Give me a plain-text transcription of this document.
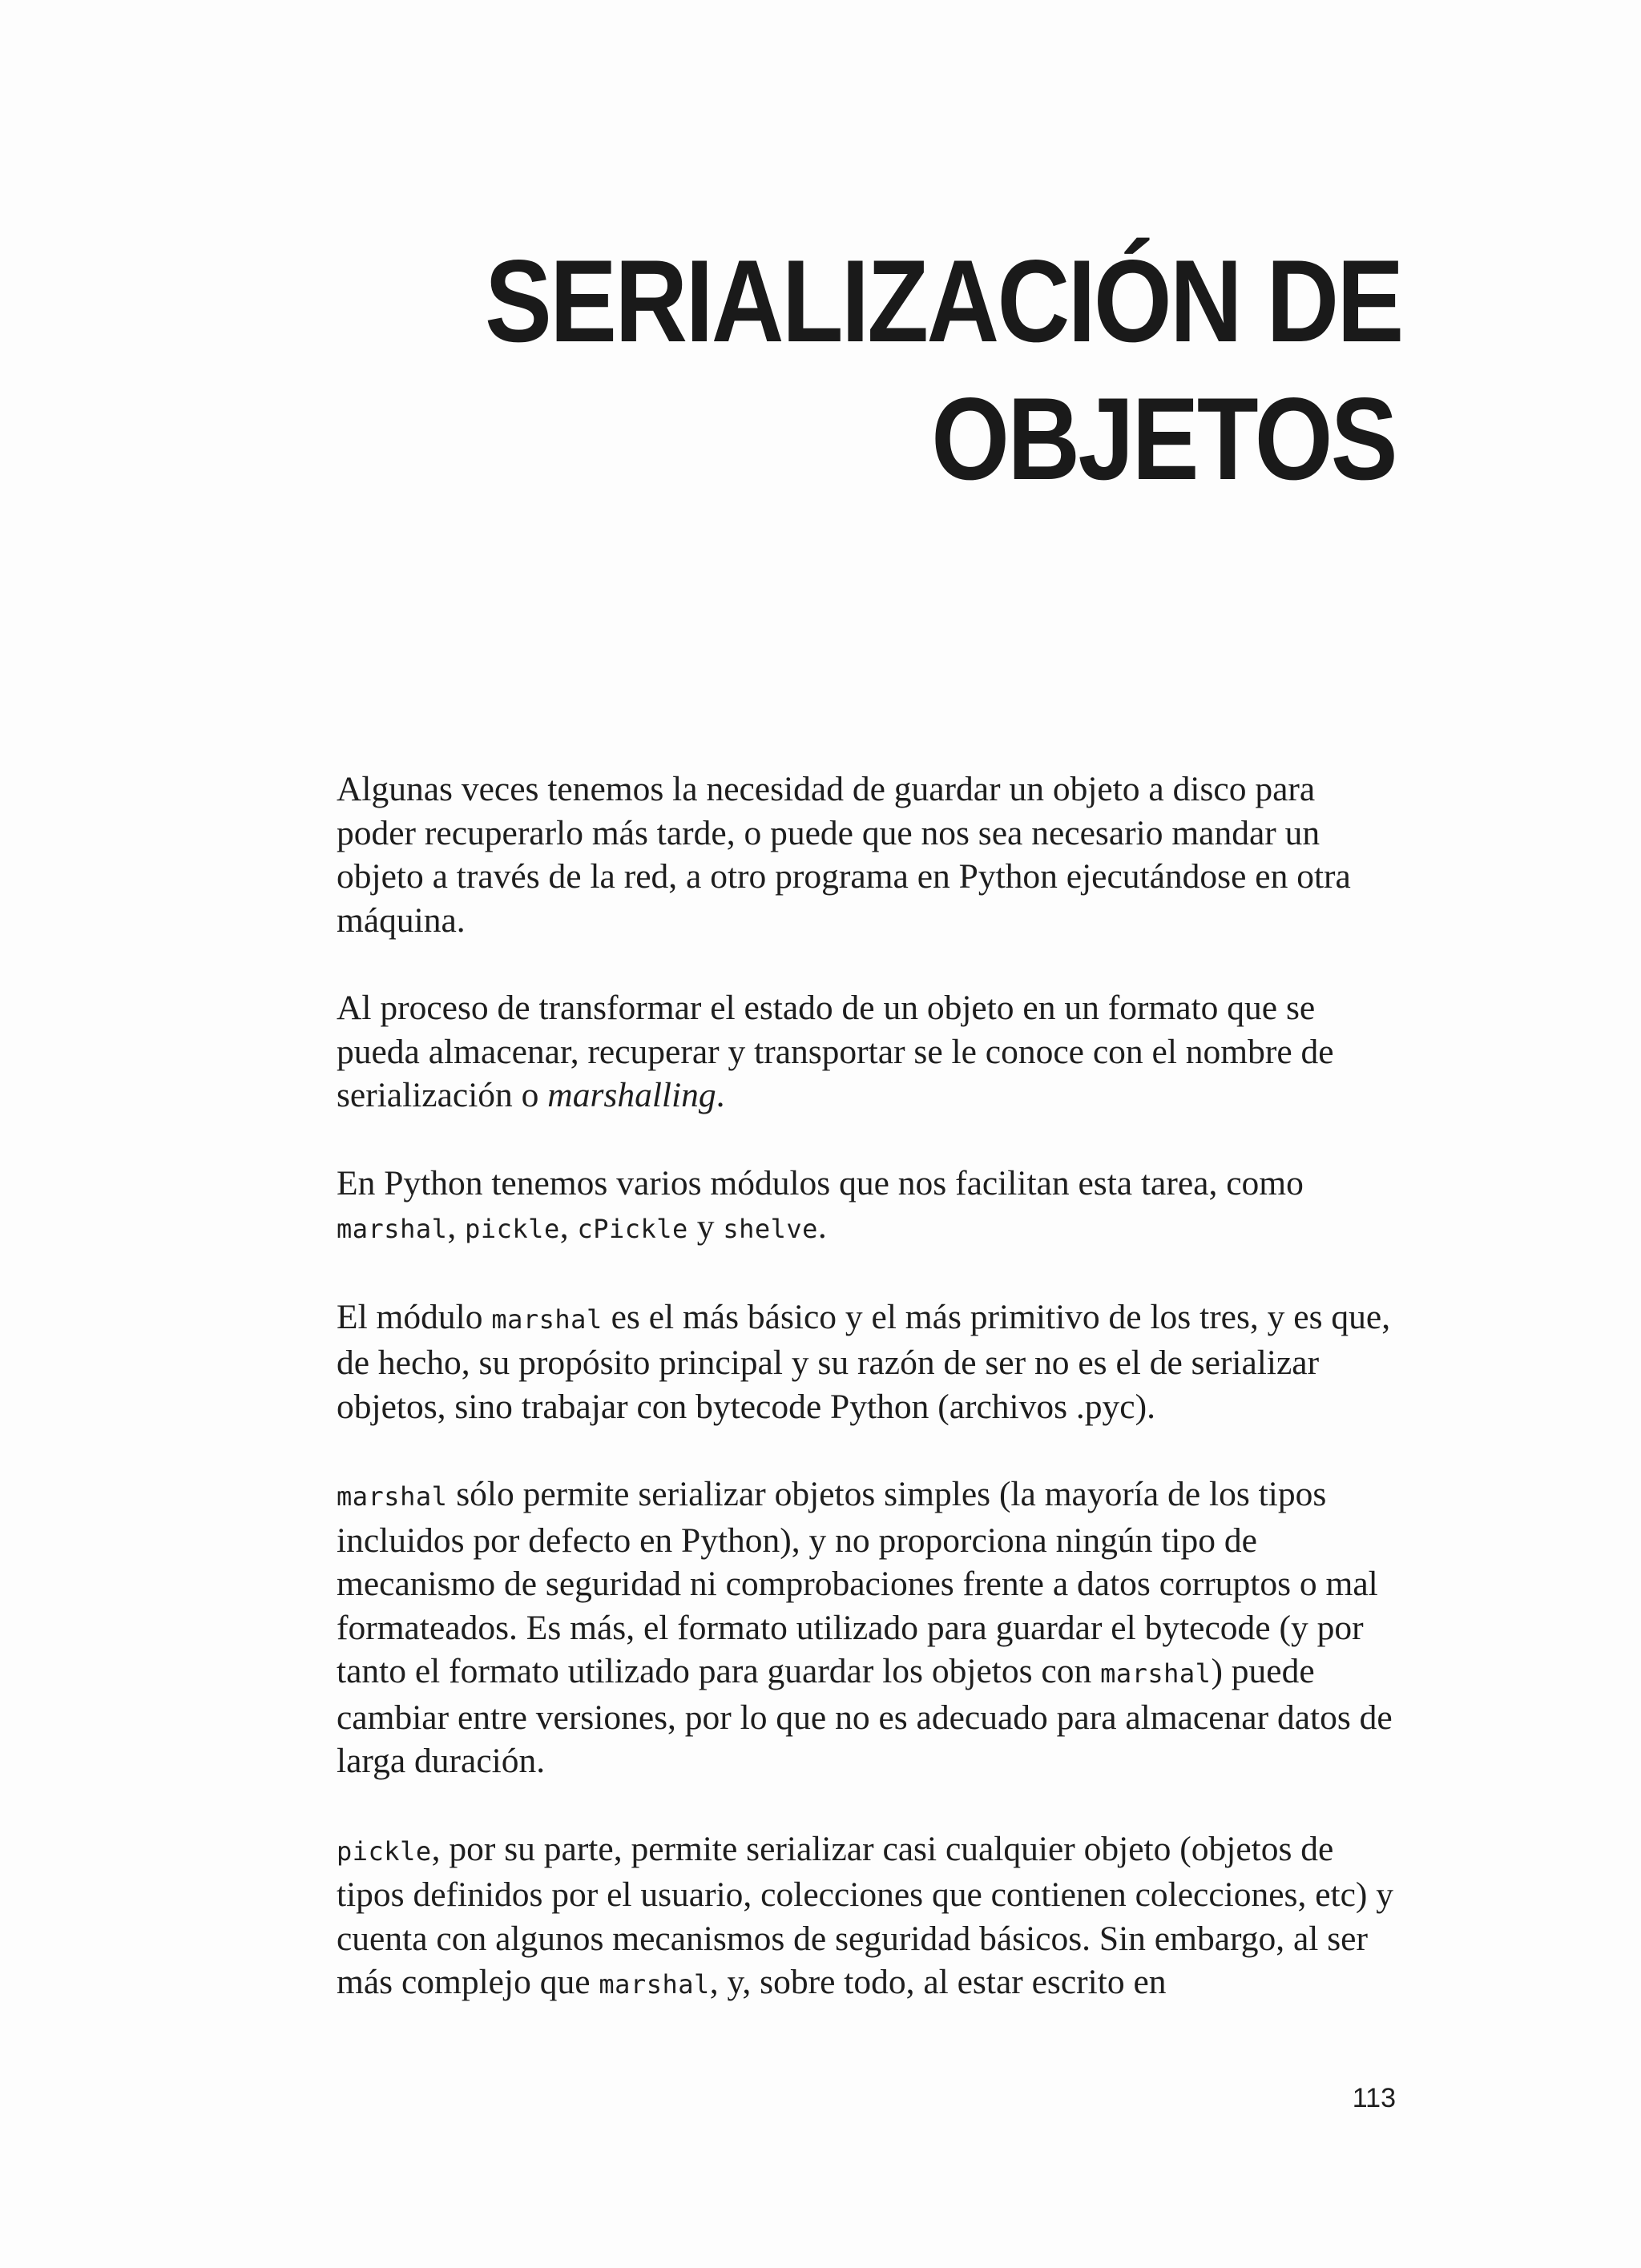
SERIALIZACIÓN DE
OBJETOS

Algunas veces tenemos la necesidad de guardar un objeto a disco para poder recuperarlo más tarde, o puede que nos sea necesario mandar un objeto a través de la red, a otro programa en Python ejecutándose en otra máquina.

Al proceso de transformar el estado de un objeto en un formato que se pueda almacenar, recuperar y transportar se le conoce con el nombre de serialización o marshalling.

En Python tenemos varios módulos que nos facilitan esta tarea, como marshal, pickle, cPickle y shelve.

El módulo marshal es el más básico y el más primitivo de los tres, y es que, de hecho, su propósito principal y su razón de ser no es el de serializar objetos, sino trabajar con bytecode Python (archivos .pyc).

marshal sólo permite serializar objetos simples (la mayoría de los tipos incluidos por defecto en Python), y no proporciona ningún tipo de mecanismo de seguridad ni comprobaciones frente a datos corruptos o mal formateados. Es más, el formato utilizado para guardar el bytecode (y por tanto el formato utilizado para guardar los objetos con marshal) puede cambiar entre versiones, por lo que no es adecuado para almacenar datos de larga duración.

pickle, por su parte, permite serializar casi cualquier objeto (objetos de tipos definidos por el usuario, colecciones que contienen colecciones, etc) y cuenta con algunos mecanismos de seguridad básicos. Sin embargo, al ser más complejo que marshal, y, sobre todo, al estar escrito en

113
